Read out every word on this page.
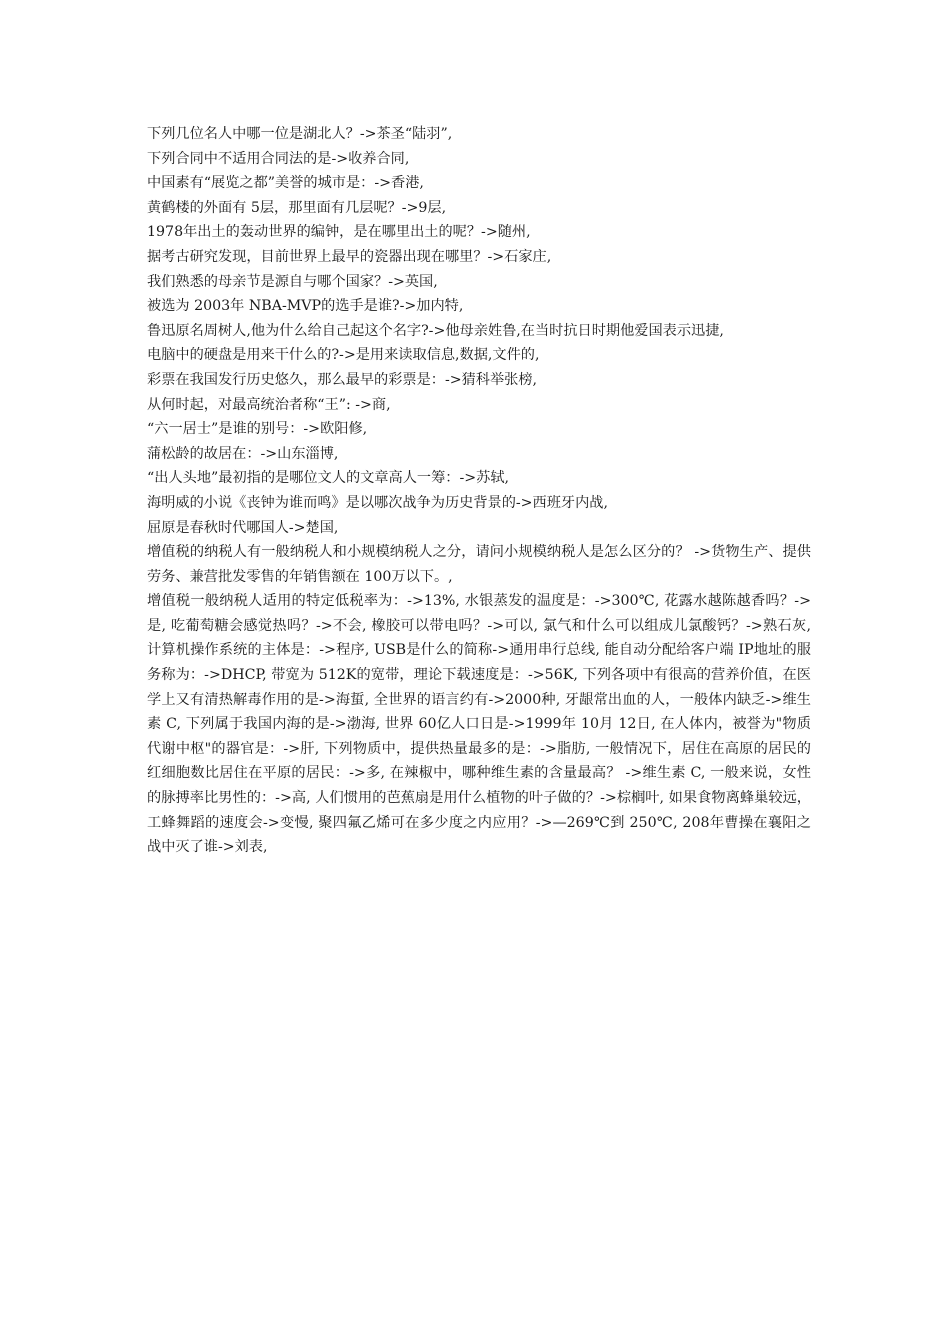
下列几位名人中哪一位是湖北人？->茶圣“陆羽”,

下列合同中不适用合同法的是->收养合同,

中国素有“展览之都”美誉的城市是：->香港,

黄鹤楼的外面有 5层，那里面有几层呢？->9层,

1978年出土的轰动世界的编钟，是在哪里出土的呢？->随州,

据考古研究发现，目前世界上最早的瓷器出现在哪里？->石家庄,

我们熟悉的母亲节是源自与哪个国家？->英国,

被选为 2003年 NBA-MVP的选手是谁?->加内特,

鲁迅原名周树人,他为什么给自己起这个名字?->他母亲姓鲁,在当时抗日时期他爱国表示迅捷,

电脑中的硬盘是用来干什么的?->是用来读取信息,数据,文件的,

彩票在我国发行历史悠久，那么最早的彩票是：->猜科举张榜,

从何时起，对最高统治者称“王”: ->商,

“六一居士”是谁的别号：->欧阳修,

蒲松龄的故居在：->山东淄博,

“出人头地”最初指的是哪位文人的文章高人一筹：->苏轼,

海明威的小说《丧钟为谁而鸣》是以哪次战争为历史背景的->西班牙内战,

屈原是春秋时代哪国人->楚国,

增值税的纳税人有一般纳税人和小规模纳税人之分，请问小规模纳税人是怎么区分的？ ->货物生产、提供劳务、兼营批发零售的年销售额在 100万以下。,

增值税一般纳税人适用的特定低税率为：->13%, 水银蒸发的温度是：->300℃, 花露水越陈越香吗？->是, 吃葡萄糖会感觉热吗？->不会, 橡胶可以带电吗？->可以, 氯气和什么可以组成儿氯酸钙？->熟石灰, 计算机操作系统的主体是：->程序, USB是什么的简称->通用串行总线, 能自动分配给客户端 IP地址的服务称为：->DHCP, 带宽为 512K的宽带，理论下载速度是：->56K, 下列各项中有很高的营养价值，在医学上又有清热解毒作用的是->海蜇, 全世界的语言约有->2000种, 牙龈常出血的人，一般体内缺乏->维生素 C, 下列属于我国内海的是->渤海, 世界 60亿人口日是->1999年 10月 12日, 在人体内，被誉为"物质代谢中枢"的器官是：->肝, 下列物质中，提供热量最多的是：->脂肪, 一般情况下，居住在高原的居民的红细胞数比居住在平原的居民：->多, 在辣椒中，哪种维生素的含量最高？ ->维生素 C, 一般来说，女性的脉搏率比男性的：->高, 人们惯用的芭蕉扇是用什么植物的叶子做的？->棕榈叶, 如果食物离蜂巢较远，工蜂舞蹈的速度会->变慢, 聚四氟乙烯可在多少度之内应用？->—269℃到 250℃, 208年曹操在襄阳之战中灭了谁->刘表,
